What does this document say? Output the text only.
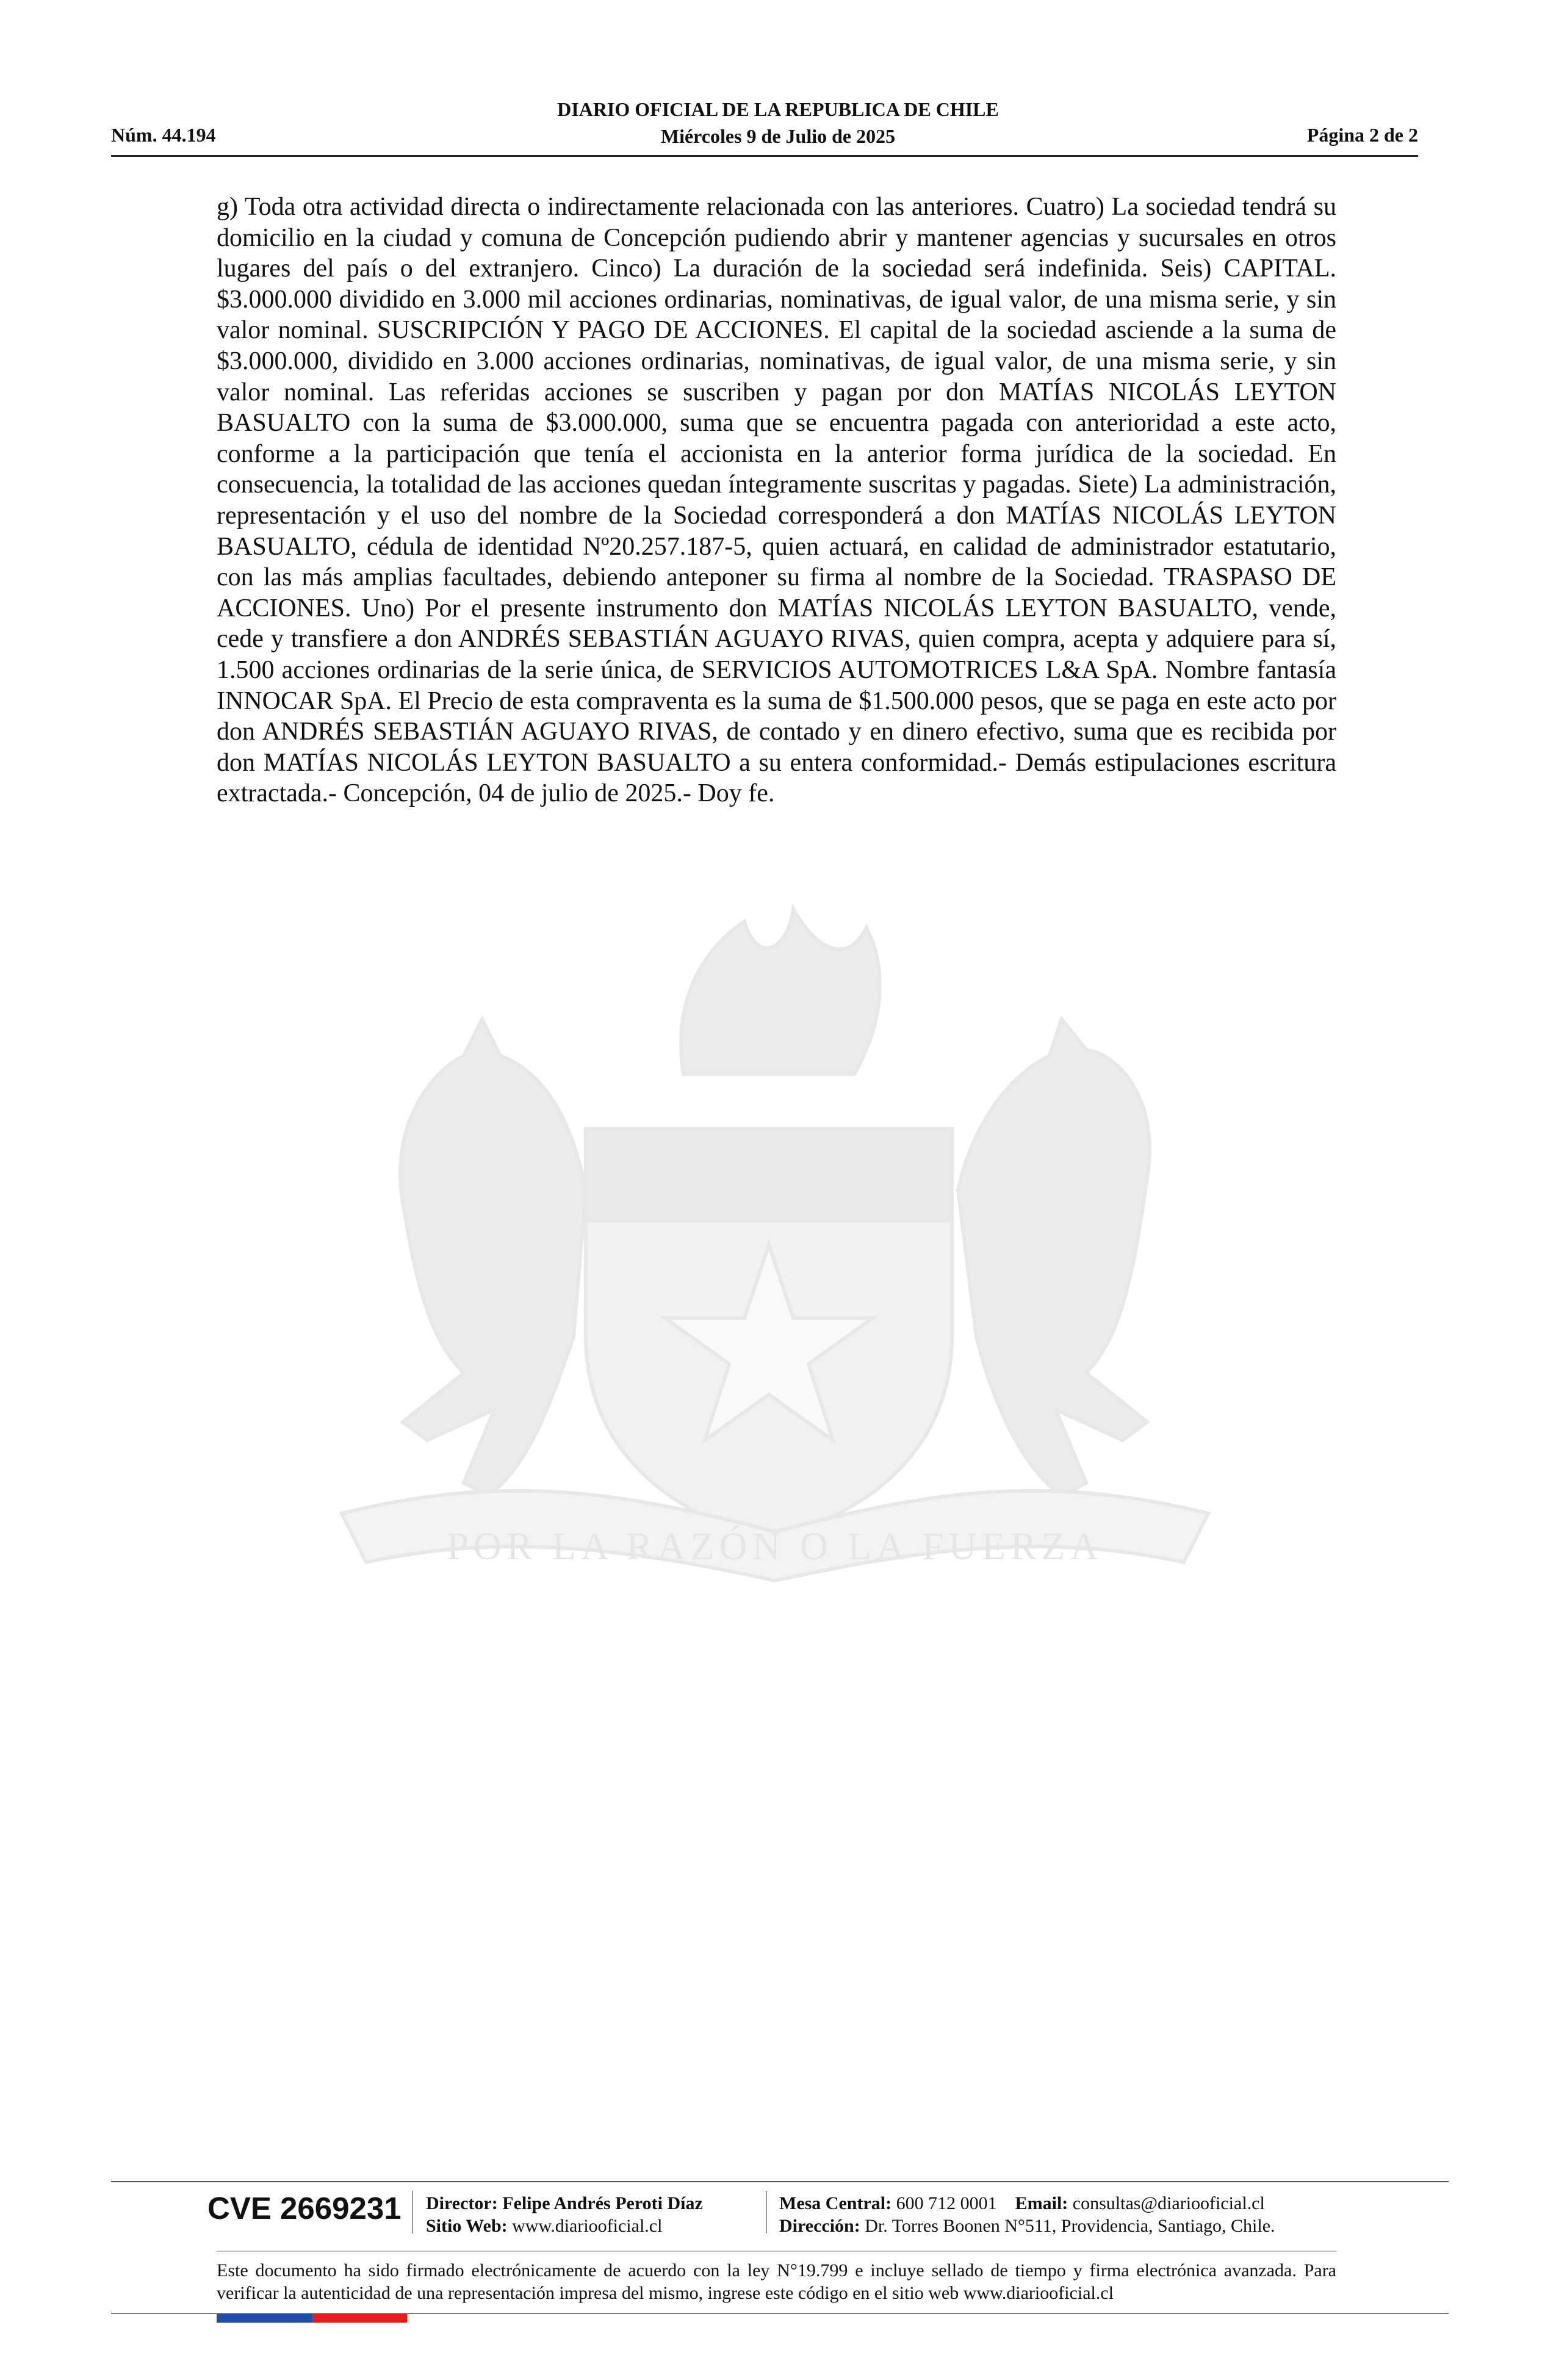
Núm. 44.194
DIARIO OFICIAL DE LA REPUBLICA DE CHILE
Miércoles 9 de Julio de 2025	Página 2 de 2
POR LA RAZÓN O LA FUERZA

g) Toda otra actividad directa o indirectamente relacionada con las anteriores. Cuatro) La sociedad tendrá su domicilio en la ciudad y comuna de Concepción pudiendo abrir y mantener agencias y sucursales en otros lugares del país o del extranjero. Cinco) La duración de la sociedad será indefinida. Seis) CAPITAL. $3.000.000 dividido en 3.000 mil acciones ordinarias, nominativas, de igual valor, de una misma serie, y sin valor nominal. SUSCRIPCIÓN Y PAGO DE ACCIONES. El capital de la sociedad asciende a la suma de $3.000.000, dividido en 3.000 acciones ordinarias, nominativas, de igual valor, de una misma serie, y sin valor nominal. Las referidas acciones se suscriben y pagan por don MATÍAS NICOLÁS LEYTON BASUALTO con la suma de $3.000.000, suma que se encuentra pagada con anterioridad a este acto, conforme a la participación que tenía el accionista en la anterior forma jurídica de la sociedad. En consecuencia, la totalidad de las acciones quedan íntegramente suscritas y pagadas. Siete) La administración, representación y el uso del nombre de la Sociedad corresponderá a don MATÍAS NICOLÁS LEYTON BASUALTO, cédula de identidad Nº20.257.187-5, quien actuará, en calidad de administrador estatutario, con las más amplias facultades, debiendo anteponer su firma al nombre de la Sociedad. TRASPASO DE ACCIONES. Uno) Por el presente instrumento don MATÍAS NICOLÁS LEYTON BASUALTO, vende, cede y transfiere a don ANDRÉS SEBASTIÁN AGUAYO RIVAS, quien compra, acepta y adquiere para sí, 1.500 acciones ordinarias de la serie única, de SERVICIOS AUTOMOTRICES L&A SpA. Nombre fantasía INNOCAR SpA. El Precio de esta compraventa es la suma de $1.500.000 pesos, que se paga en este acto por don ANDRÉS SEBASTIÁN AGUAYO RIVAS, de contado y en dinero efectivo, suma que es recibida por don MATÍAS NICOLÁS LEYTON BASUALTO a su entera conformidad.- Demás estipulaciones escritura extractada.- Concepción, 04 de julio de 2025.- Doy fe.

CVE 2669231 Director: Felipe Andrés Peroti Díaz
Sitio Web: www.diariooficial.cl
Mesa Central: 600 712 0001 Email: consultas@diariooficial.cl
Dirección: Dr. Torres Boonen N°511, Providencia, Santiago, Chile.

Este documento ha sido firmado electrónicamente de acuerdo con la ley N°19.799 e incluye sellado de tiempo y firma electrónica avanzada. Para verificar la autenticidad de una representación impresa del mismo, ingrese este código en el sitio web www.diariooficial.cl
